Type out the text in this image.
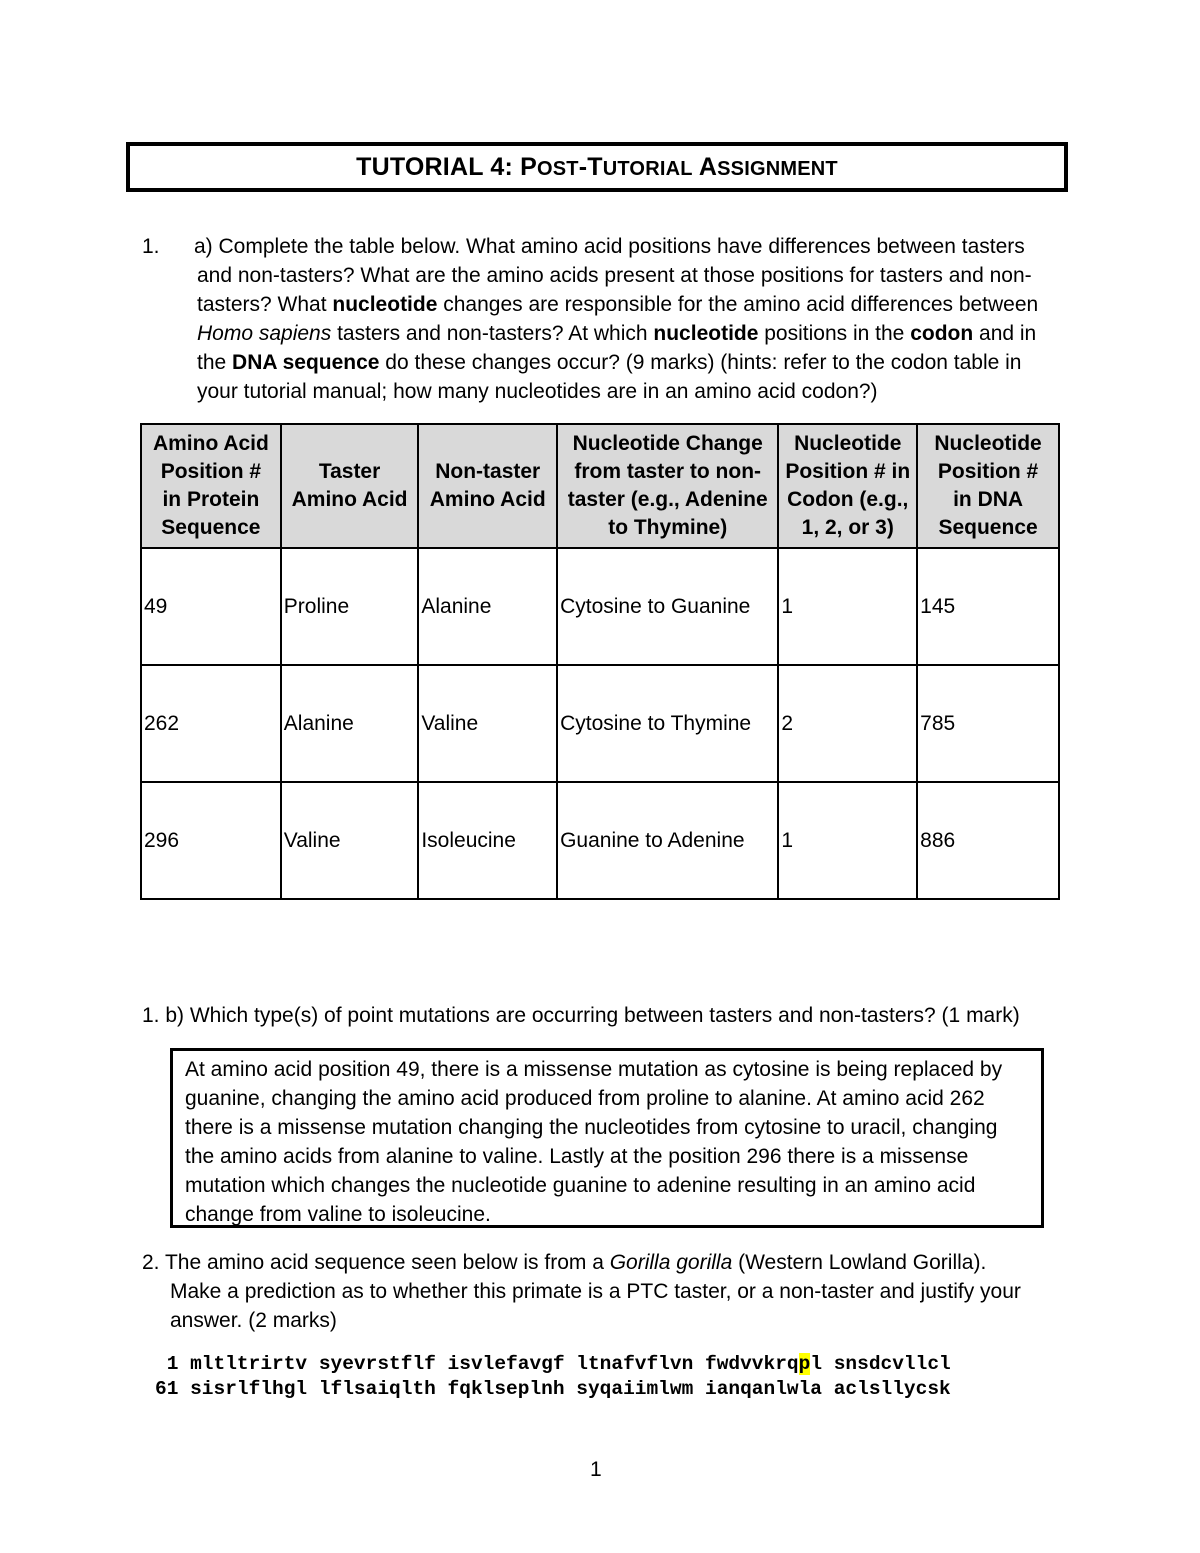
TUTORIAL 4: POST-TUTORIAL ASSIGNMENT
1. a) Complete the table below. What amino acid positions have differences between tasters

and non-tasters? What are the amino acids present at those positions for tasters and non-

tasters? What nucleotide changes are responsible for the amino acid differences between

Homo sapiens tasters and non-tasters? At which nucleotide positions in the codon and in

the DNA sequence do these changes occur? (9 marks) (hints: refer to the codon table in

your tutorial manual; how many nucleotides are in an amino acid codon?)

Amino Acid
Position #
in Protein
Sequence	Taster
Amino Acid	Non-taster
Amino Acid	Nucleotide Change
from taster to non-
taster (e.g., Adenine
to Thymine)	Nucleotide
Position # in
Codon (e.g.,
1, 2, or 3)	Nucleotide
Position #
in DNA
Sequence
49	Proline	Alanine	Cytosine to Guanine	1	145
262	Alanine	Valine	Cytosine to Thymine	2	785
296	Valine	Isoleucine	Guanine to Adenine	1	886
1. b) Which type(s) of point mutations are occurring between tasters and non-tasters? (1 mark)
At amino acid position 49, there is a missense mutation as cytosine is being replaced by
guanine, changing the amino acid produced from proline to alanine. At amino acid 262
there is a missense mutation changing the nucleotides from cytosine to uracil, changing
the amino acids from alanine to valine. Lastly at the position 296 there is a missense
mutation which changes the nucleotide guanine to adenine resulting in an amino acid
change from valine to isoleucine.
2. The amino acid sequence seen below is from a Gorilla gorilla (Western Lowland Gorilla).
Make a prediction as to whether this primate is a PTC taster, or a non-taster and justify your
answer. (2 marks)
1 mltltrirtv syevrstflf isvlefavgf ltnafvflvn fwdvvkrqpl snsdcvllcl
61 sisrlflhgl lflsaiqlth fqklseplnh syqaiimlwm ianqanlwla aclsllycsk
1
